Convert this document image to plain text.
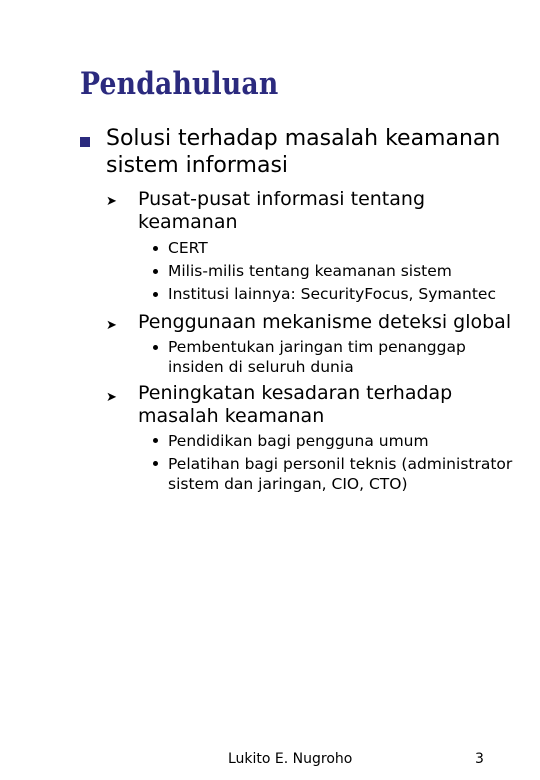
Pendahuluan
Solusi terhadap masalah keamanan sistem informasi
➤ Pusat-pusat informasi tentang keamanan
CERT
Milis-milis tentang keamanan sistem
Institusi lainnya: SecurityFocus, Symantec
➤ Penggunaan mekanisme deteksi global
Pembentukan jaringan tim penanggap insiden di seluruh dunia
➤ Peningkatan kesadaran terhadap masalah keamanan
Pendidikan bagi pengguna umum
Pelatihan bagi personil teknis (administrator sistem dan jaringan, CIO, CTO)
Lukito E. Nugroho	3
